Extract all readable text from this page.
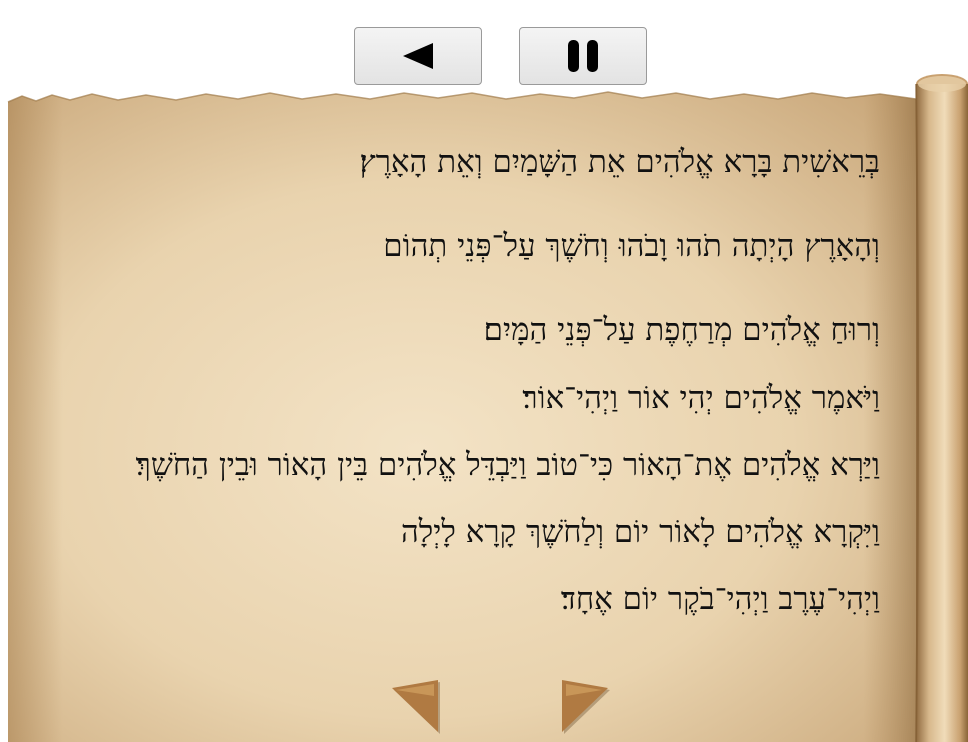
בְּרֵאשִׁית בָּרָא אֱלֹהִים אֵת הַשָּׁמַיִם וְאֵת הָאָרֶץ׃
וְהָאָרֶץ הָיְתָה תֹהוּ וָבֹהוּ וְחֹשֶׁךְ עַל־פְּנֵי תְהוֹם
וְרוּחַ אֱלֹהִים מְרַחֶפֶת עַל־פְּנֵי הַמָּיִם׃
וַיֹּאמֶר אֱלֹהִים יְהִי אוֹר וַיְהִי־אוֹר׃
וַיַּרְא אֱלֹהִים אֶת־הָאוֹר כִּי־טוֹב וַיַּבְדֵּל אֱלֹהִים בֵּין הָאוֹר וּבֵין הַחֹשֶׁךְ׃
וַיִּקְרָא אֱלֹהִים לָאוֹר יוֹם וְלַחֹשֶׁךְ קָרָא לָיְלָה
וַיְהִי־עֶרֶב וַיְהִי־בֹקֶר יוֹם אֶחָד׃
